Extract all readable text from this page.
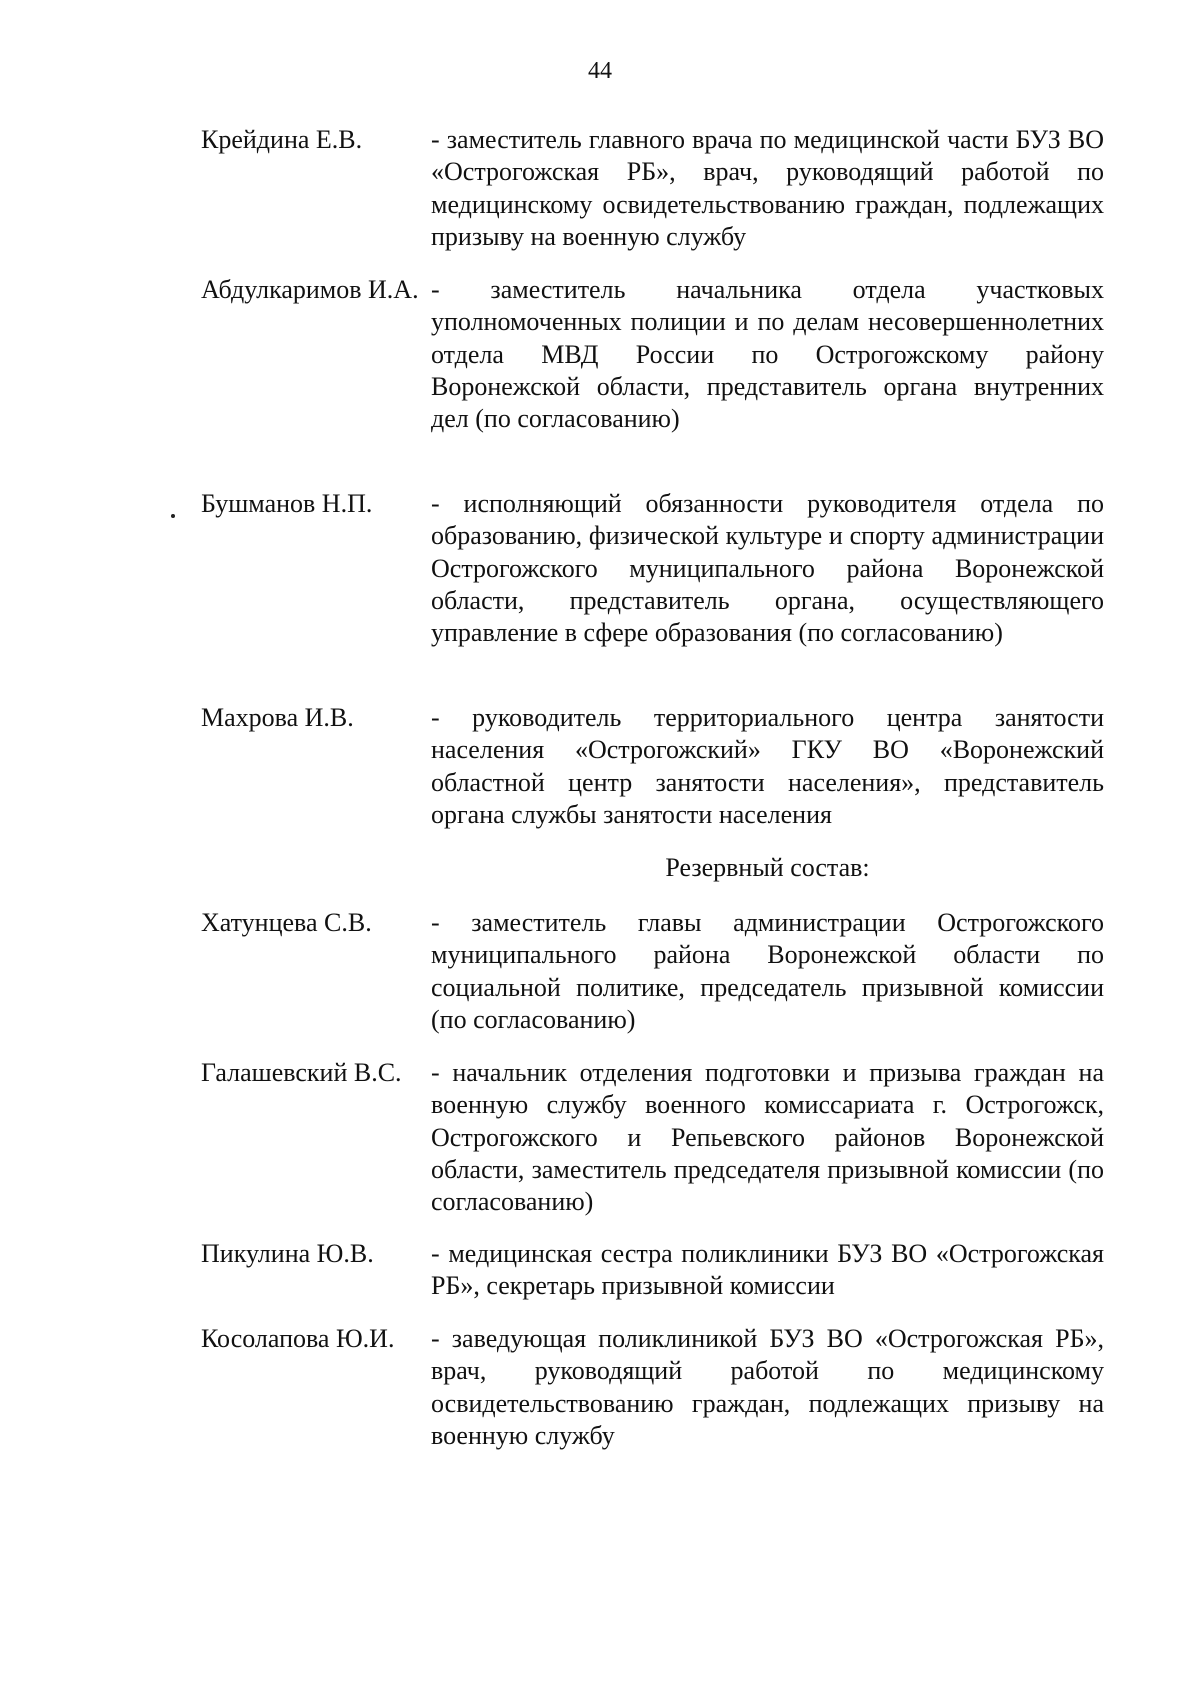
44
Крейдина Е.В.	- заместитель главного врача по медицинской части БУЗ ВО «Острогожская РБ», врач, руководящий работой по медицинскому освидетельствованию граждан, подлежащих призыву на военную службу
Абдулкаримов И.А. - заместитель начальника отдела участковых уполномоченных полиции и по делам несовершеннолетних отдела МВД России по Острогожскому району Воронежской области, представитель органа внутренних дел (по согласованию)
Бушманов Н.П.	- исполняющий обязанности руководителя отдела по образованию, физической культуре и спорту администрации Острогожского муниципального района Воронежской области, представитель органа, осуществляющего управление в сфере образования (по согласованию)
Махрова И.В.	- руководитель территориального центра занятости населения «Острогожский» ГКУ ВО «Воронежский областной центр занятости населения», представитель органа службы занятости населения
Резервный состав:
Хатунцева С.В.	- заместитель главы администрации Острогожского муниципального района Воронежской области по социальной политике, председатель призывной комиссии (по согласованию)
Галашевский В.С.	- начальник отделения подготовки и призыва граждан на военную службу военного комиссариата г. Острогожск, Острогожского и Репьевского районов Воронежской области, заместитель председателя призывной комиссии (по согласованию)
Пикулина Ю.В.	- медицинская сестра поликлиники БУЗ ВО «Острогожская РБ», секретарь призывной комиссии
Косолапова Ю.И.	- заведующая поликлиникой БУЗ ВО «Острогожская РБ», врач, руководящий работой по медицинскому освидетельствованию граждан, подлежащих призыву на военную службу
